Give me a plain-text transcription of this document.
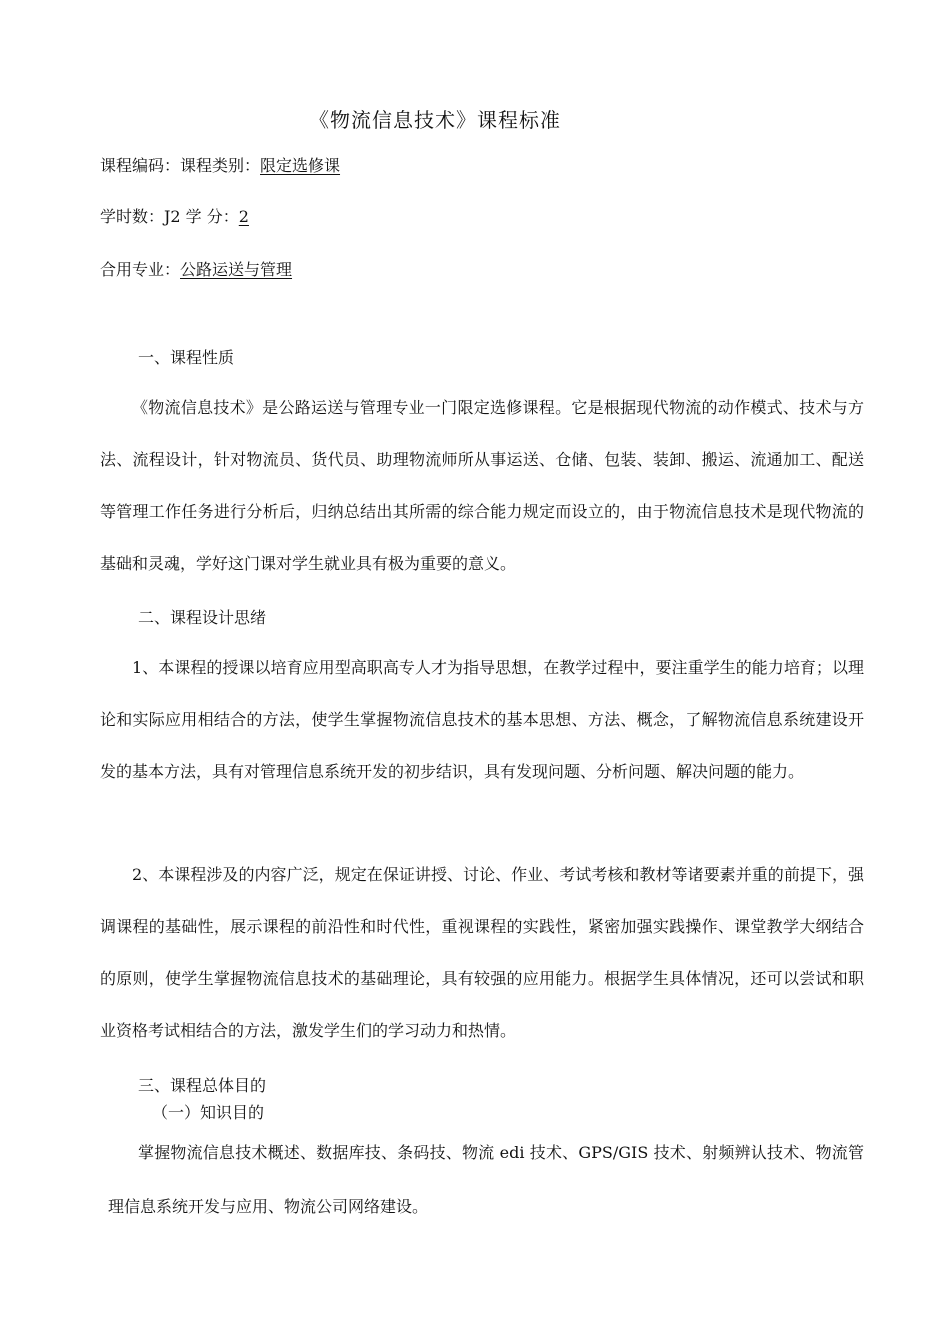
《物流信息技术》课程标准
课程编码：课程类别：限定选修课
学时数：J2 学 分：2
合用专业：公路运送与管理
一、课程性质
《物流信息技术》是公路运送与管理专业一门限定选修课程。它是根据现代物流的动作模式、技术与方法、流程设计，针对物流员、货代员、助理物流师所从事运送、仓储、包装、装卸、搬运、流通加工、配送等管理工作任务进行分析后，归纳总结出其所需的综合能力规定而设立的，由于物流信息技术是现代物流的基础和灵魂，学好这门课对学生就业具有极为重要的意义。
二、课程设计思绪
1、本课程的授课以培育应用型高职高专人才为指导思想，在教学过程中，要注重学生的能力培育；以理论和实际应用相结合的方法，使学生掌握物流信息技术的基本思想、方法、概念，了解物流信息系统建设开发的基本方法，具有对管理信息系统开发的初步结识，具有发现问题、分析问题、解决问题的能力。
2、本课程涉及的内容广泛，规定在保证讲授、讨论、作业、考试考核和教材等诸要素并重的前提下，强调课程的基础性，展示课程的前沿性和时代性，重视课程的实践性，紧密加强实践操作、课堂教学大纲结合的原则，使学生掌握物流信息技术的基础理论，具有较强的应用能力。根据学生具体情况，还可以尝试和职业资格考试相结合的方法，激发学生们的学习动力和热情。
三、课程总体目的
（一）知识目的
掌握物流信息技术概述、数据库技、条码技、物流 edi 技术、GPS/GIS 技术、射频辨认技术、物流管理信息系统开发与应用、物流公司网络建设。
